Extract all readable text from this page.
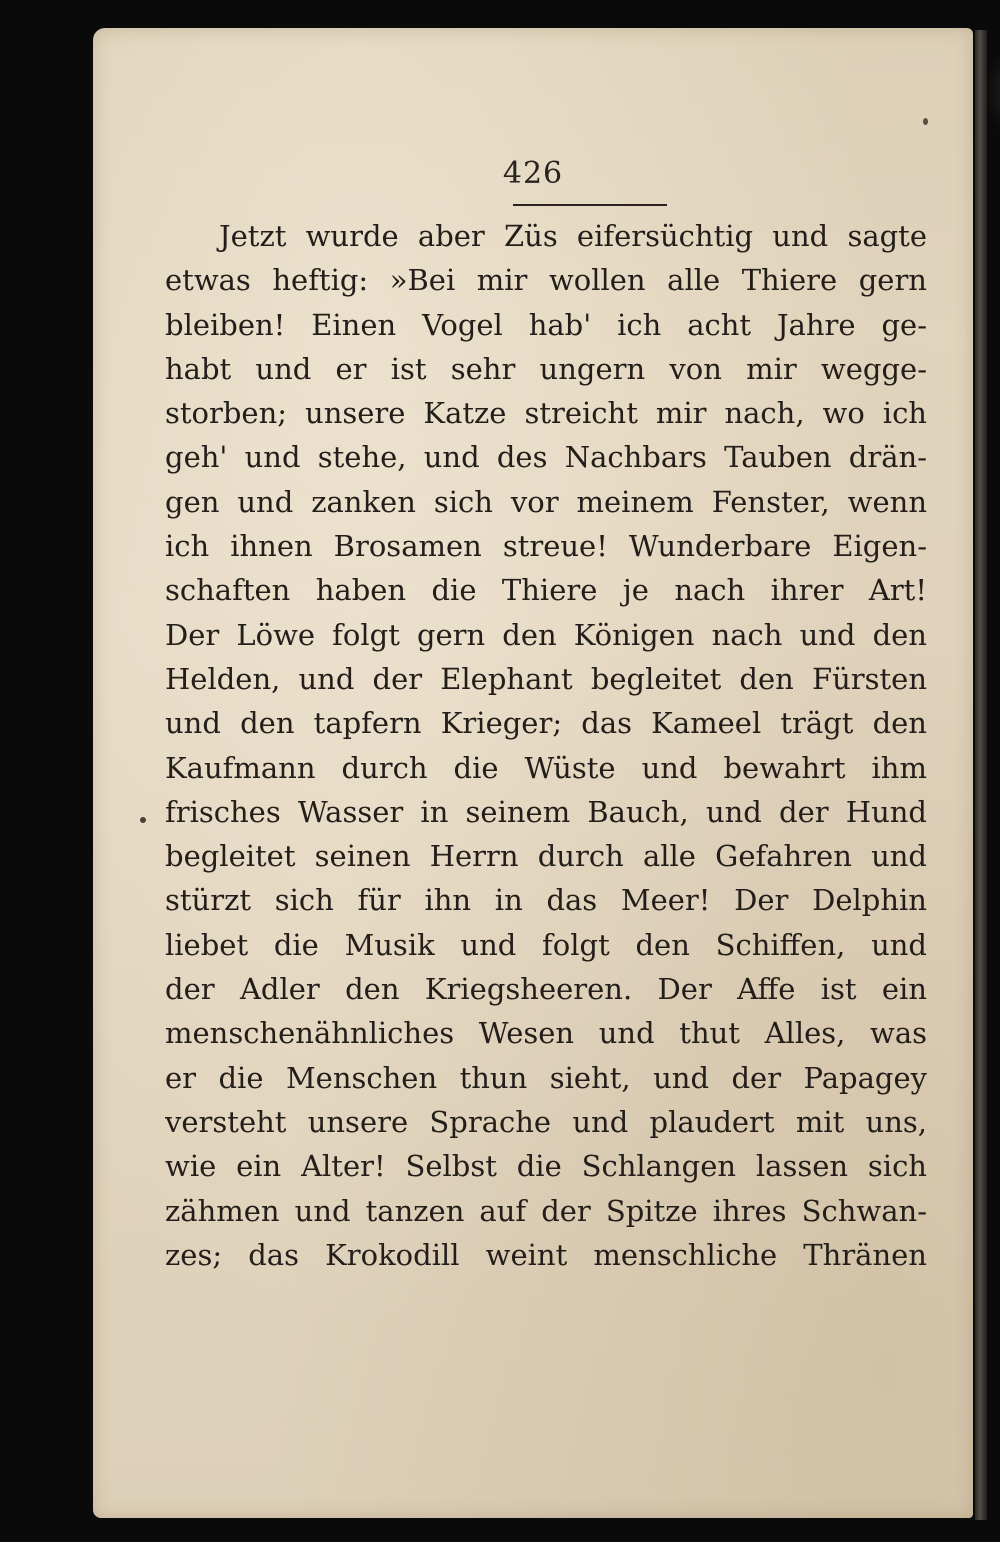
426
Jetzt wurde aber Züs eifersüchtig und sagte
etwas heftig: »Bei mir wollen alle Thiere gern
bleiben! Einen Vogel hab' ich acht Jahre ge-
habt und er ist sehr ungern von mir wegge-
storben; unsere Katze streicht mir nach, wo ich
geh' und stehe, und des Nachbars Tauben drän-
gen und zanken sich vor meinem Fenster, wenn
ich ihnen Brosamen streue! Wunderbare Eigen-
schaften haben die Thiere je nach ihrer Art!
Der Löwe folgt gern den Königen nach und den
Helden, und der Elephant begleitet den Fürsten
und den tapfern Krieger; das Kameel trägt den
Kaufmann durch die Wüste und bewahrt ihm
frisches Wasser in seinem Bauch, und der Hund
begleitet seinen Herrn durch alle Gefahren und
stürzt sich für ihn in das Meer! Der Delphin
liebet die Musik und folgt den Schiffen, und
der Adler den Kriegsheeren. Der Affe ist ein
menschenähnliches Wesen und thut Alles, was
er die Menschen thun sieht, und der Papagey
versteht unsere Sprache und plaudert mit uns,
wie ein Alter! Selbst die Schlangen lassen sich
zähmen und tanzen auf der Spitze ihres Schwan-
zes; das Krokodill weint menschliche Thränen
